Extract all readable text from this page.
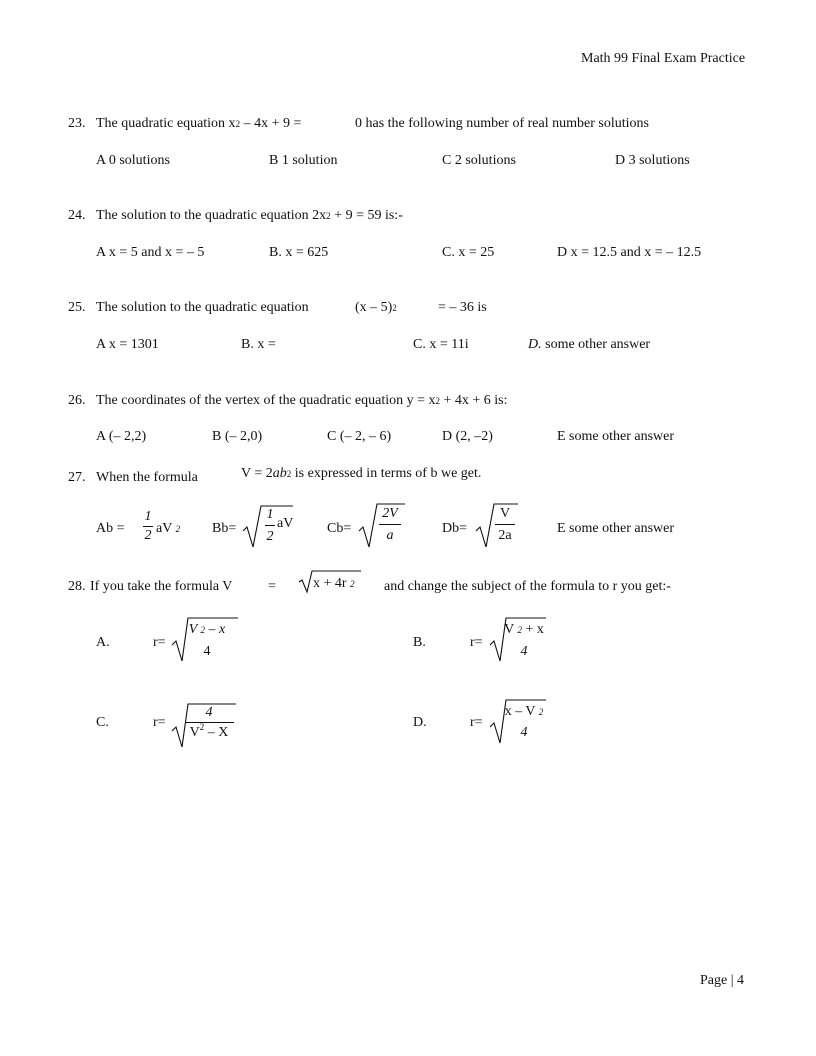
Math 99 Final Exam Practice
23. The quadratic equation x2 – 4x + 9 =	0 has the following number of real number solutions
A 0 solutions	B 1 solution	C 2 solutions	D 3 solutions
24. The solution to the quadratic equation 2x2 + 9 = 59 is:-
A x = 5 and x = – 5	B. x = 625	C. x = 25	D x = 12.5 and x = – 12.5
25. The solution to the quadratic equation	(x – 5)2	= – 36 is
A x = 1301	B. x =	C. x = 11i	D. some other answer
26. The coordinates of the vertex of the quadratic equation y = x2 + 4x + 6 is:
A (– 2,2)	B (– 2,0)	C (– 2, – 6)	D (2, –2)	E some other answer
27. When the formula	V = 2ab2 is expressed in terms of b we get.
Ab =
1
2 aV 2 Bb=
1
2
aV Cb=
2V
a	Db=
V
2a	E some other answer
28. If you take the formula V	=	x + 4r 2 and change the subject of the formula to r you get:-
A.	r=
V 2 – x
4
B.	r=
V 2 + x
4
C.	r=
4
$V^2$ – X
D.	r=
x – V 2
4
Page | 4
